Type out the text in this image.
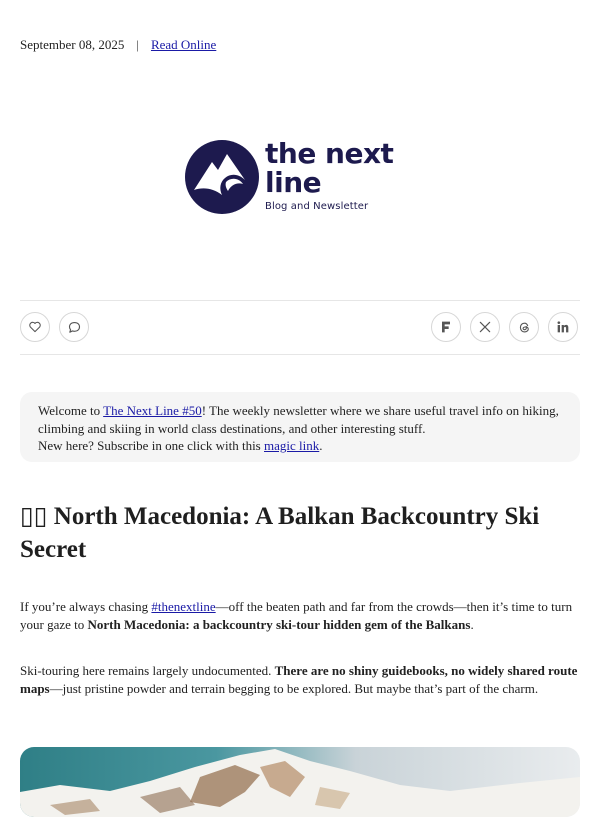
September 08, 2025 | Read Online
the next
line
Blog and Newsletter
Welcome to The Next Line #50! The weekly newsletter where we share useful travel info on hiking, climbing and skiing in world class destinations, and other interesting stuff.
New here? Subscribe in one click with this magic link.
▯▯ North Macedonia: A Balkan Backcountry Ski Secret
If you’re always chasing #thenextline—off the beaten path and far from the crowds—then it’s time to turn your gaze to North Macedonia: a backcountry ski-tour hidden gem of the Balkans.
Ski-touring here remains largely undocumented. There are no shiny guidebooks, no widely shared route maps—just pristine powder and terrain begging to be explored. But maybe that’s part of the charm.
